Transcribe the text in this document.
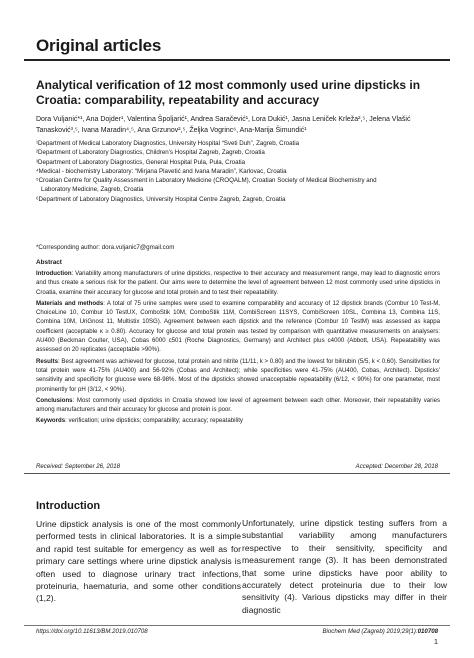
Original articles
Analytical verification of 12 most commonly used urine dipsticks in Croatia: comparability, repeatability and accuracy
Dora Vuljanić*¹, Ana Dojder¹, Valentina Špoljarić¹, Andrea Saračević¹, Lora Dukić¹, Jasna Leniček Krleža²,⁵, Jelena Vlašić Tanasković³,⁵, Ivana Maradin⁴,⁵, Ana Grzunov²,⁵, Željka Vogrinc⁶, Ana-Marija Šimundić¹
¹Department of Medical Laboratory Diagnostics, University Hospital “Sveti Duh”, Zagreb, Croatia
²Department of Laboratory Diagnostics, Children's Hospital Zagreb, Zagreb, Croatia
³Department of Laboratory Diagnostics, General Hospital Pula, Pula, Croatia
⁴Medical - biochemistry Laboratory: “Mirjana Plavetić and Ivana Maradin”, Karlovac, Croatia
⁵Croatian Centre for Quality Assessment in Laboratory Medicine (CROQALM), Croatian Society of Medical Biochemistry and
Laboratory Medicine, Zagreb, Croatia
⁶Department of Laboratory Diagnostics, University Hospital Centre Zagreb, Zagreb, Croatia
*Corresponding author: dora.vuljanic7@gmail.com
Abstract

Introduction: Variability among manufacturers of urine dipsticks, respective to their accuracy and measurement range, may lead to diagnostic errors and thus create a serious risk for the patient. Our aims were to determine the level of agreement between 12 most commonly used urine dipsticks in Croatia, examine their accuracy for glucose and total protein and to test their repeatability.

Materials and methods: A total of 75 urine samples were used to examine comparability and accuracy of 12 dipstick brands (Combur 10 Test-M, ChoiceLine 10, Combur 10 TestUX, ComboStik 10M, ComboStik 11M, CombiScreen 11SYS, CombiScreen 10SL, Combina 13, Combina 11S, Combina 10M, UriGnost 11, Multistix 10SG). Agreement between each dipstick and the reference (Combur 10 TestM) was assessed as kappa coefficient (acceptable κ ≥ 0.80). Accuracy for glucose and total protein was tested by comparison with quantitative measurements on analysers: AU400 (Beckman Coulter, USA), Cobas 6000 c501 (Roche Diagnostics, Germany) and Architect plus c4000 (Abbott, USA). Repeatability was assessed on 20 replicates (acceptable >90%).

Results: Best agreement was achieved for glucose, total protein and nitrite (11/11, k > 0.80) and the lowest for bilirubin (5/5, k < 0.60). Sensitivities for total protein were 41-75% (AU400) and 56-92% (Cobas and Architect); while specificities were 41-75% (AU400, Cobas, Architect). Dipsticks' sensitivity and specificity for glucose were 68-98%. Most of the dipsticks showed unacceptable repeatability (6/12, < 90%) for one parameter, most prominently for pH (3/12, < 90%).

Conclusions: Most commonly used dipsticks in Croatia showed low level of agreement between each other. Moreover, their repeatability varies among manufacturers and their accuracy for glucose and protein is poor.

Keywords: verification; urine dipsticks; comparability; accuracy; repeatability

Received: September 26, 2018	Accepted: December 28, 2018
Introduction
Urine dipstick analysis is one of the most commonly performed tests in clinical laboratories. It is a simple and rapid test suitable for emergency as well as for primary care settings where urine dipstick analysis is often used to diagnose urinary tract infections, proteinuria, haematuria, and some other conditions (1,2).
Unfortunately, urine dipstick testing suffers from a substantial variability among manufacturers respective to their sensitivity, specificity and measurement range (3). It has been demonstrated that some urine dipsticks have poor ability to accurately detect proteinuria due to their low sensitivity (4). Various dipsticks may differ in their diagnostic
https://doi.org/10.11613/BM.2019.010708	Biochem Med (Zagreb) 2019;29(1):010708
1
